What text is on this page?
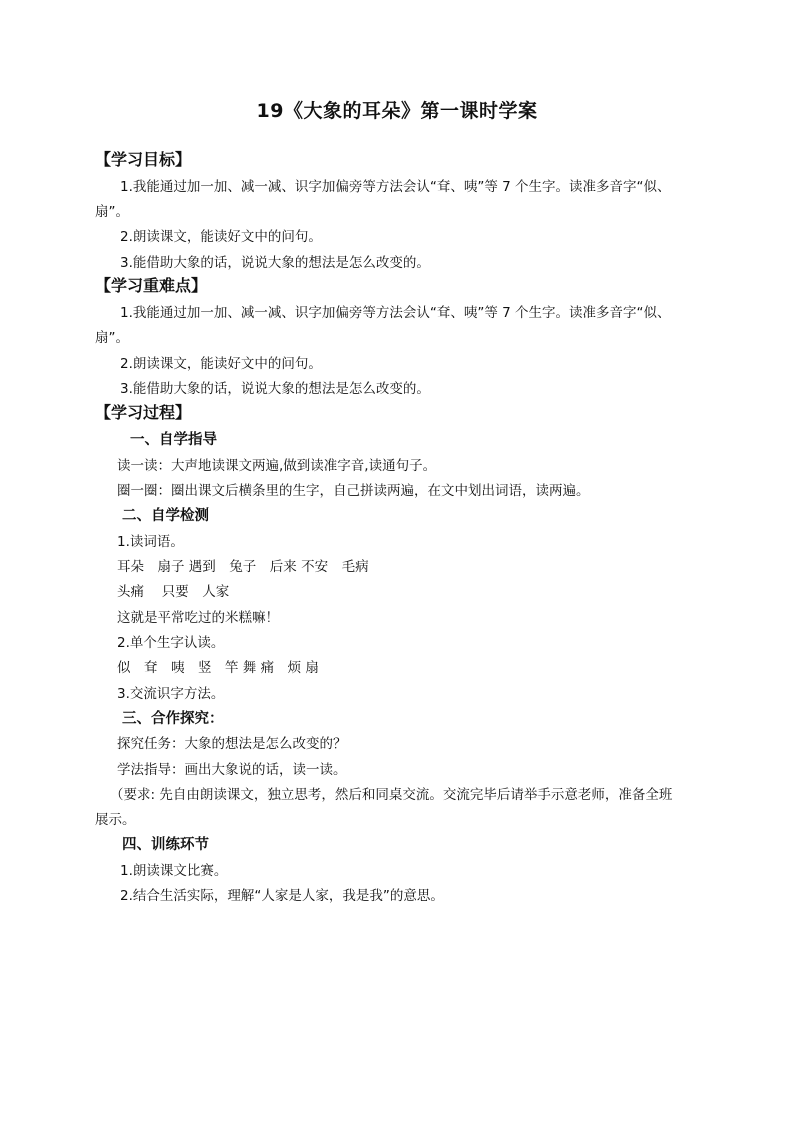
19《大象的耳朵》第一课时学案
【学习目标】
1.我能通过加一加、减一减、识字加偏旁等方法会认“耷、咦”等 7 个生字。读准多音字“似、
扇”。
2.朗读课文，能读好文中的问句。
3.能借助大象的话，说说大象的想法是怎么改变的。
【学习重难点】
1.我能通过加一加、减一减、识字加偏旁等方法会认“耷、咦”等 7 个生字。读准多音字“似、
扇”。
2.朗读课文，能读好文中的问句。
3.能借助大象的话，说说大象的想法是怎么改变的。
【学习过程】
一、自学指导
读一读：大声地读课文两遍,做到读准字音,读通句子。
圈一圈：圈出课文后横条里的生字，自己拼读两遍，在文中划出词语，读两遍。
二、自学检测
1.读词语。
耳朵　扇子 遇到　兔子　后来 不安　毛病
头痛　 只要　人家
这就是平常吃过的米糕嘛！
2.单个生字认读。
似　耷　咦　竖　竿 舞 痛　烦 扇
3.交流识字方法。
三、合作探究：
探究任务：大象的想法是怎么改变的？
学法指导：画出大象说的话，读一读。
（要求: 先自由朗读课文，独立思考，然后和同桌交流。交流完毕后请举手示意老师，准备全班
展示。
四、训练环节
1.朗读课文比赛。
2.结合生活实际，理解“人家是人家，我是我”的意思。
